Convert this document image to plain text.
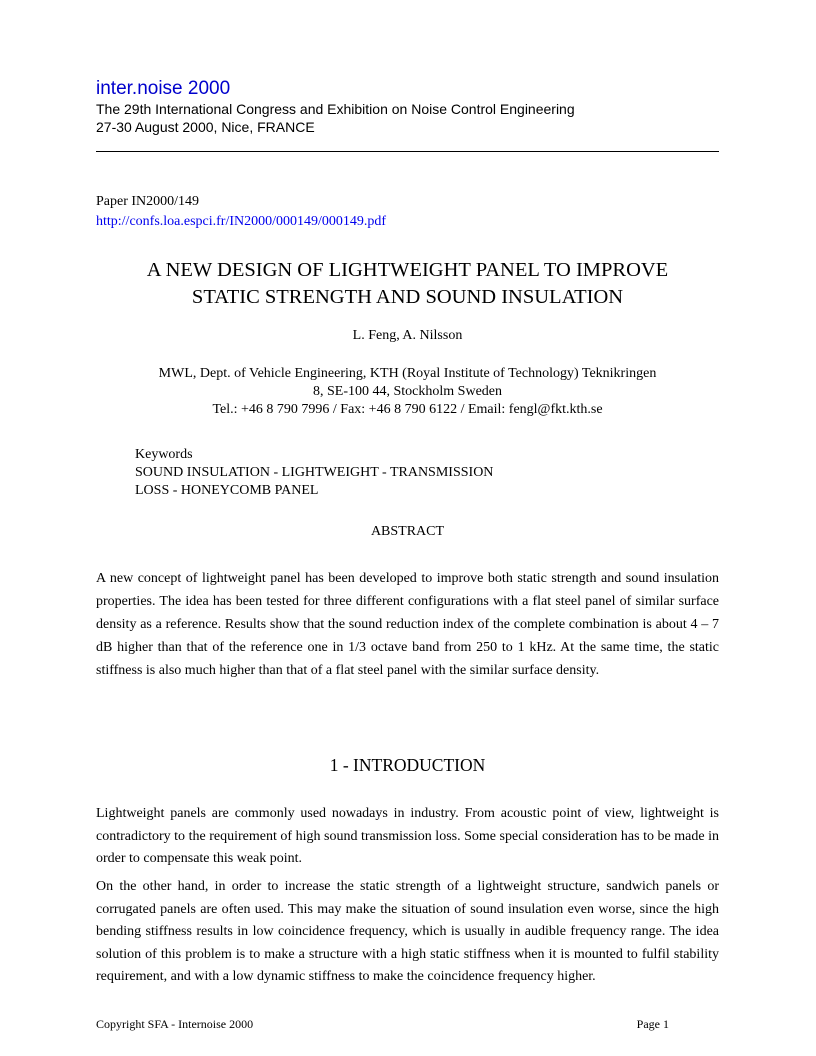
inter.noise 2000
The 29th International Congress and Exhibition on Noise Control Engineering
27-30 August 2000, Nice, FRANCE
Paper IN2000/149
http://confs.loa.espci.fr/IN2000/000149/000149.pdf
A NEW DESIGN OF LIGHTWEIGHT PANEL TO IMPROVE
STATIC STRENGTH AND SOUND INSULATION
L. Feng, A. Nilsson
MWL, Dept. of Vehicle Engineering, KTH (Royal Institute of Technology) Teknikringen
8, SE-100 44, Stockholm Sweden
Tel.: +46 8 790 7996 / Fax: +46 8 790 6122 / Email: fengl@fkt.kth.se
Keywords
SOUND INSULATION - LIGHTWEIGHT - TRANSMISSION
LOSS - HONEYCOMB PANEL
ABSTRACT
A new concept of lightweight panel has been developed to improve both static strength and sound insulation properties. The idea has been tested for three different configurations with a flat steel panel of similar surface density as a reference. Results show that the sound reduction index of the complete combination is about 4 – 7 dB higher than that of the reference one in 1/3 octave band from 250 to 1 kHz. At the same time, the static stiffness is also much higher than that of a flat steel panel with the similar surface density.
1 - INTRODUCTION
Lightweight panels are commonly used nowadays in industry. From acoustic point of view, lightweight is contradictory to the requirement of high sound transmission loss. Some special consideration has to be made in order to compensate this weak point.
On the other hand, in order to increase the static strength of a lightweight structure, sandwich panels or corrugated panels are often used. This may make the situation of sound insulation even worse, since the high bending stiffness results in low coincidence frequency, which is usually in audible frequency range. The idea solution of this problem is to make a structure with a high static stiffness when it is mounted to fulfil stability requirement, and with a low dynamic stiffness to make the coincidence frequency higher.
Copyright SFA - Internoise 2000	Page 1
